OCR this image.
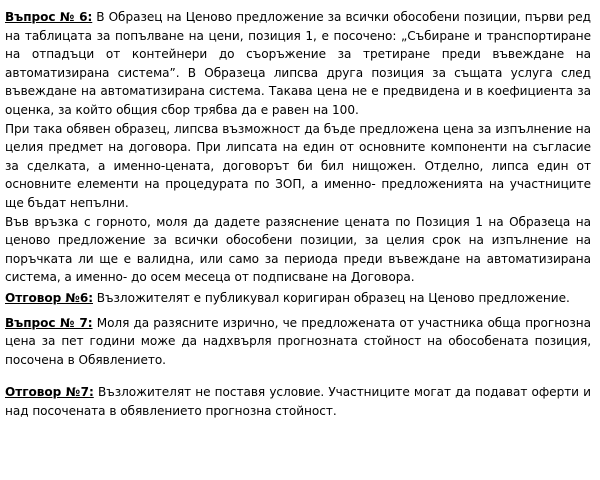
Въпрос № 6: В Образец на Ценово предложение за всички обособени позиции, първи ред на таблицата за попълване на цени, позиция 1, е посочено: „Събиране и транспортиране на отпадъци от контейнери до съоръжение за третиране преди въвеждане на автоматизирана система”. В Образеца липсва друга позиция за същата услуга след въвеждане на автоматизирана система. Такава цена не е предвидена и в коефициента за оценка, за който общия сбор трябва да е равен на 100.

При така обявен образец, липсва възможност да бъде предложена цена за изпълнение на целия предмет на договора. При липсата на един от основните компоненти на съгласие за сделката, а именно-цената, договорът би бил нищожен. Отделно, липса един от основните елементи на процедурата по ЗОП, а именно- предложенията на участниците ще бъдат непълни.

Във връзка с горното, моля да дадете разяснение цената по Позиция 1 на Образеца на ценово предложение за всички обособени позиции, за целия срок на изпълнение на поръчката ли ще е валидна, или само за периода преди въвеждане на автоматизирана система, а именно- до осем месеца от подписване на Договора.

Отговор №6: Възложителят е публикувал коригиран образец на Ценово предложение.

Въпрос № 7: Моля да разясните изрично, че предложената от участника обща прогнозна цена за пет години може да надхвърля прогнозната стойност на обособената позиция, посочена в Обявлението.

Отговор №7: Възложителят не поставя условие. Участниците могат да подават оферти и над посочената в обявлението прогнозна стойност.
